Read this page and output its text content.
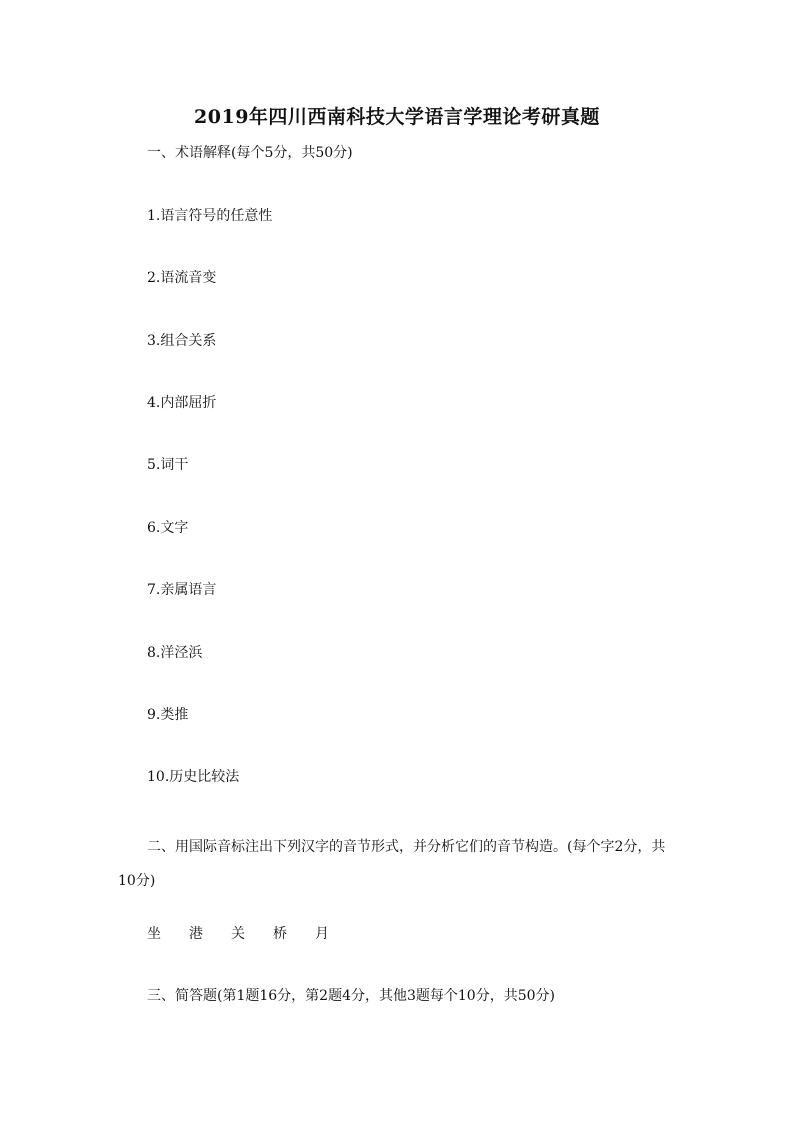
2019年四川西南科技大学语言学理论考研真题
一、术语解释(每个5分，共50分)
1.语言符号的任意性
2.语流音变
3.组合关系
4.内部屈折
5.词干
6.文字
7.亲属语言
8.洋泾浜
9.类推
10.历史比较法
二、用国际音标注出下列汉字的音节形式，并分析它们的音节构造。(每个字2分，共10分)
坐 港 关 桥 月
三、简答题(第1题16分，第2题4分，其他3题每个10分，共50分)
